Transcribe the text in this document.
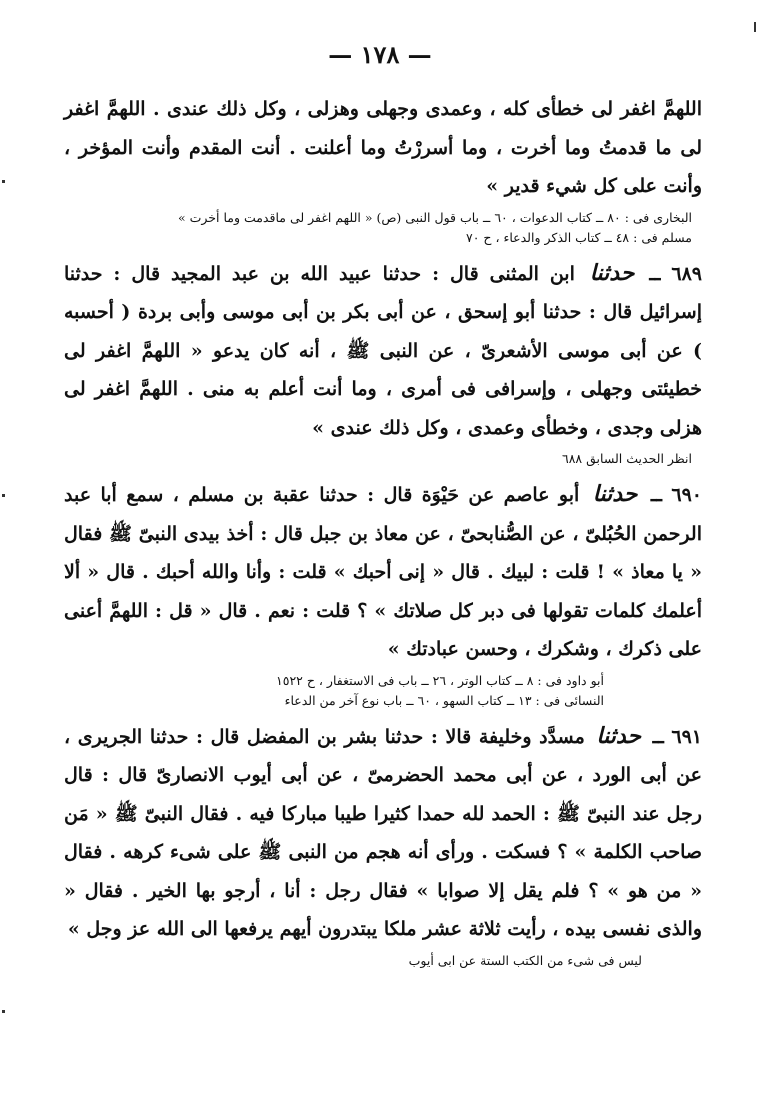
— ١٧٨ —

اللهمَّ اغفر لى خطأى كله ، وعمدى وجهلى وهزلى ، وكل ذلك عندى . اللهمَّ اغفر لى ما قدمتُ وما أخرت ، وما أسررْتُ وما أعلنت . أنت المقدم وأنت المؤخر ، وأنت على كل شيء قدير »

البخارى فى : ٨٠ ــ كتاب الدعوات ، ٦٠ ــ باب قول النبى (ص) « اللهم اغفر لى ماقدمت وما أخرت »
مسلم فى : ٤٨ ــ كتاب الذكر والدعاء ، ح ٧٠

٦٨٩ ــ حدثنا ابن المثنى قال : حدثنا عبيد الله بن عبد المجيد قال : حدثنا إسرائيل قال : حدثنا أبو إسحق ، عن أبى بكر بن أبى موسى وأبى بردة ( أحسبه ) عن أبى موسى الأشعرىّ ، عن النبى ﷺ ، أنه كان يدعو « اللهمَّ اغفر لى خطيئتى وجهلى ، وإسرافى فى أمرى ، وما أنت أعلم به منى . اللهمَّ اغفر لى هزلى وجدى ، وخطأى وعمدى ، وكل ذلك عندى »

انظر الحديث السابق ٦٨٨

٦٩٠ ــ حدثنا أبو عاصم عن حَيْوَة قال : حدثنا عقبة بن مسلم ، سمع أبا عبد الرحمن الحُبُلىّ ، عن الصُّنابحىّ ، عن معاذ بن جبل قال : أخذ بيدى النبىّ ﷺ فقال « يا معاذ » ! قلت : لبيك . قال « إنى أحبك » قلت : وأنا والله أحبك . قال « ألا أعلمك كلمات تقولها فى دبر كل صلاتك » ؟ قلت : نعم . قال « قل : اللهمَّ أعنى على ذكرك ، وشكرك ، وحسن عبادتك »

أبو داود فى : ٨ ــ كتاب الوتر ، ٢٦ ــ باب فى الاستغفار ، ح ١٥٢٢
النسائى فى : ١٣ ــ كتاب السهو ، ٦٠ ــ باب نوع آخر من الدعاء

٦٩١ ــ حدثنا مسدَّد وخليفة قالا : حدثنا بشر بن المفضل قال : حدثنا الجريرى ، عن أبى الورد ، عن أبى محمد الحضرمىّ ، عن أبى أيوب الانصارىّ قال : قال رجل عند النبىّ ﷺ : الحمد لله حمدا كثيرا طيبا مباركا فيه . فقال النبىّ ﷺ « مَن صاحب الكلمة » ؟ فسكت . ورأى أنه هجم من النبى ﷺ على شىء كرهه . فقال « من هو » ؟ فلم يقل إلا صوابا » فقال رجل : أنا ، أرجو بها الخير . فقال « والذى نفسى بيده ، رأيت ثلاثة عشر ملكا يبتدرون أيهم يرفعها الى الله عز وجل »

ليس فى شىء من الكتب الستة عن ابى أيوب
